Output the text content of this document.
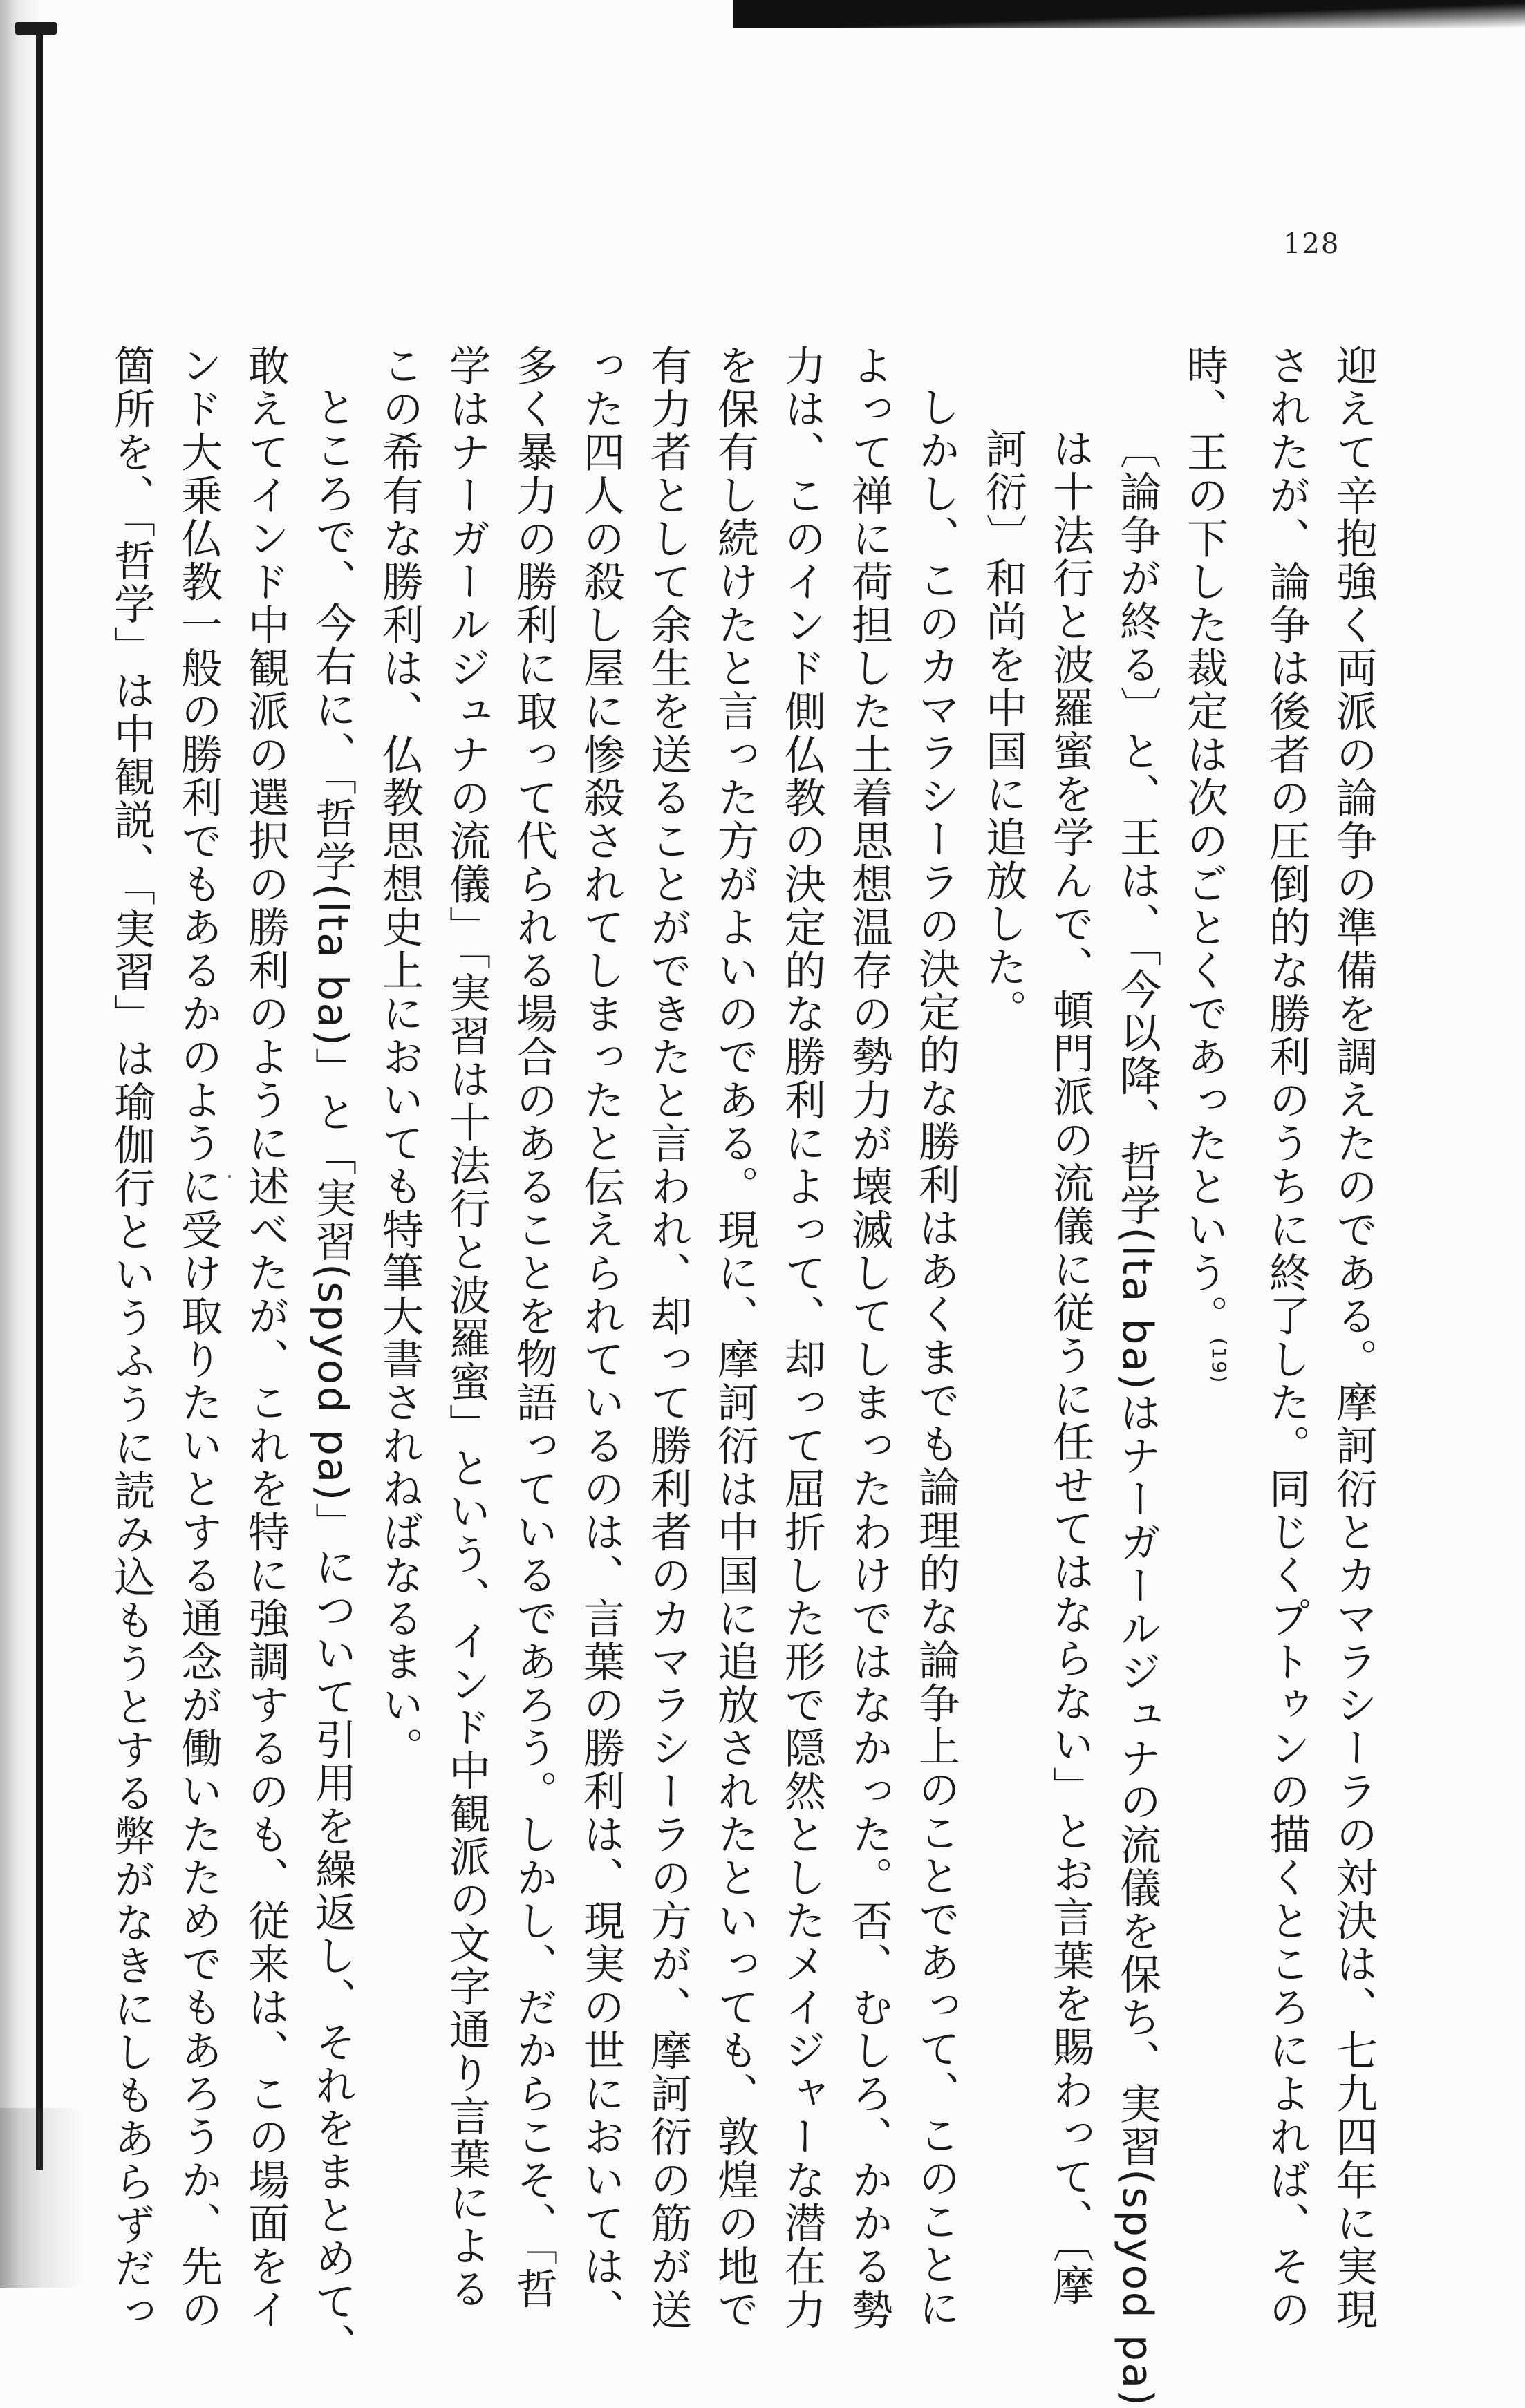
128

迎えて辛抱強く両派の論争の準備を調えたのである。摩訶衍とカマラシーラの対決は、七九四年に実現

されたが、論争は後者の圧倒的な勝利のうちに終了した。同じくプトゥンの描くところによれば、その

時、王の下した裁定は次のごとくであったという。$^{(19)}$

〔論争が終る〕と、王は、「今以降、哲学(lta ba)はナーガールジュナの流儀を保ち、実習(spyod pa)

は十法行と波羅蜜を学んで、頓門派の流儀に従うに任せてはならない」とお言葉を賜わって、〔摩

訶衍〕和尚を中国に追放した。

しかし、このカマラシーラの決定的な勝利はあくまでも論理的な論争上のことであって、このことに

よって禅に荷担した土着思想温存の勢力が壊滅してしまったわけではなかった。否、むしろ、かかる勢

力は、このインド側仏教の決定的な勝利によって、却って屈折した形で隠然としたメイジャーな潜在力

を保有し続けたと言った方がよいのである。現に、摩訶衍は中国に追放されたといっても、敦煌の地で

有力者として余生を送ることができたと言われ、却って勝利者のカマラシーラの方が、摩訶衍の筋が送

った四人の殺し屋に惨殺されてしまったと伝えられているのは、言葉の勝利は、現実の世においては、

多く暴力の勝利に取って代られる場合のあることを物語っているであろう。しかし、だからこそ、「哲

学はナーガールジュナの流儀」「実習は十法行と波羅蜜」という、インド中観派の文字通り言葉による

この希有な勝利は、仏教思想史上においても特筆大書されねばなるまい。

ところで、今右に、「哲学(lta ba)」と「実習(spyod pa)」について引用を繰返し、それをまとめて、

敢えてインド中観派の選択の勝利のように述べたが、これを特に強調するのも、従来は、この場面をイ

ンド大乗仏教一般の勝利でもあるかのように受け取りたいとする通念が働いたためでもあろうか、先の

箇所を、「哲学」は中観説、「実習」は瑜伽行というふうに読み込もうとする弊がなきにしもあらずだっ
